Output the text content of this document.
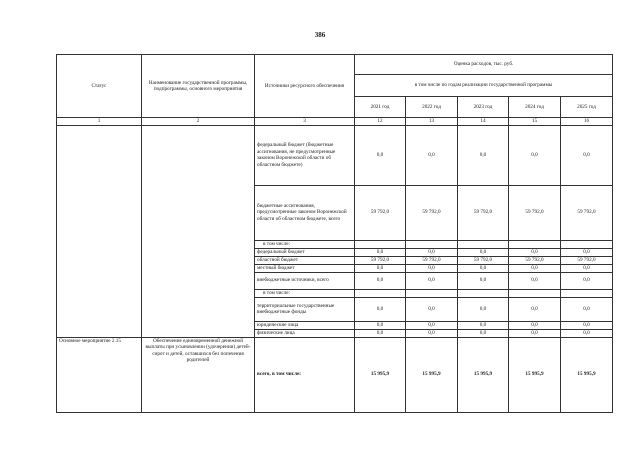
386
Статус	Наименование государственной программы, подпрограммы, основного мероприятия	Источники ресурсного обеспечения	Оценка расходов, тыс. руб.				
			в том числе по годам реализации государственной программы				
			2021 год	2022 год	2023 год	2024 год	2025 год
1	2	3	12	13	14	15	16
		федеральный бюджет (бюджетные ассигнования, не предусмотренные законом Воронежской области об областном бюджете)	0,0	0,0	0,0	0,0	0,0
		бюджетные ассигнования, предусмотренные законом Воронежской области об областном бюджете, всего	59 792,0	59 792,0	59 792,0	59 792,0	59 792,0
		в том числе:					
		федеральный бюджет	0,0	0,0	0,0	0,0	0,0
		областной бюджет	59 792,0	59 792,0	59 792,0	59 792,0	59 792,0
		местный бюджет	0,0	0,0	0,0	0,0	0,0
		внебюджетные источники, всего	0,0	0,0	0,0	0,0	0,0
		в том числе:					
		территориальные государственные внебюджетные фонды	0,0	0,0	0,0	0,0	0,0
		юридические лица	0,0	0,0	0,0	0,0	0,0
		физические лица	0,0	0,0	0,0	0,0	0,0
Основное мероприятие 2.15	Обеспечение единовременной денежной выплаты при усыновлении (удочерении) детей-сирот и детей, оставшихся без попечения родителей	всего, в том числе:	15 995,9	15 995,9	15 995,9	15 995,9	15 995,9
